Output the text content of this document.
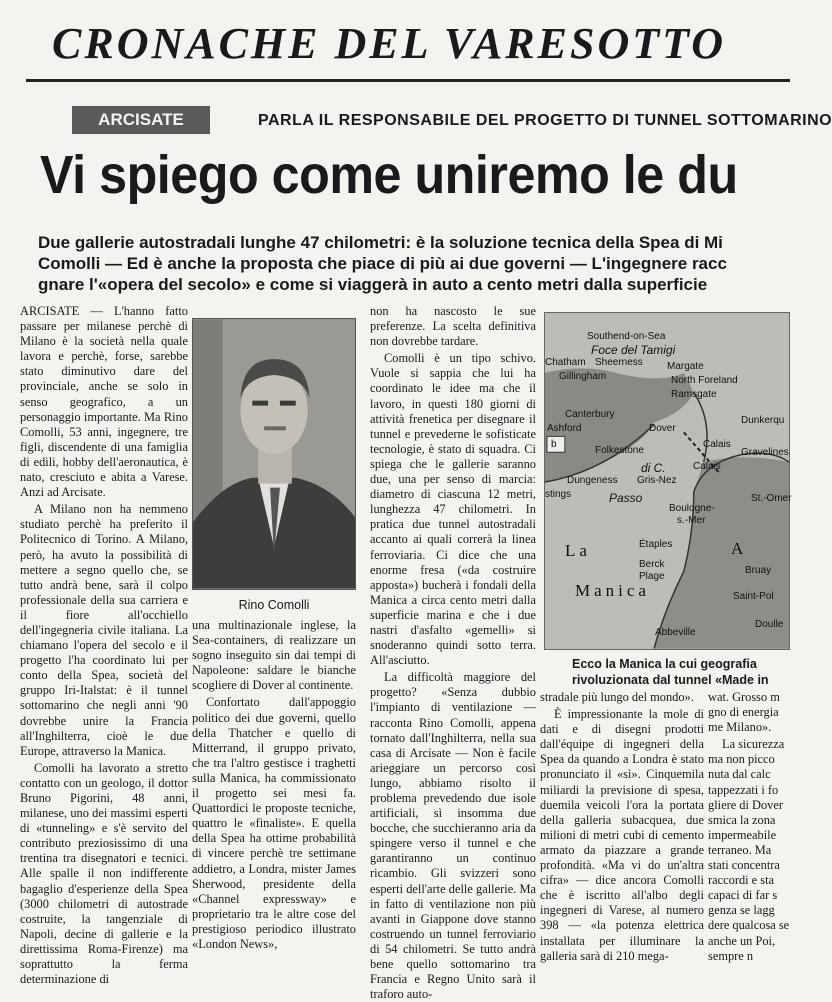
CRONACHE DEL VARESOTTO
ARCISATE	PARLA IL RESPONSABILE DEL PROGETTO DI TUNNEL SOTTOMARINO
Vi spiego come uniremo le du
Due gallerie autostradali lunghe 47 chilometri: è la soluzione tecnica della Spea di Mi
Comolli — Ed è anche la proposta che piace di più ai due governi — L'ingegnere racc
gnare l'«opera del secolo» e come si viaggerà in auto a cento metri dalla superficie

ARCISATE — L'hanno fatto passare per milanese perchè di Milano è la società nella quale lavora e perchè, forse, sarebbe stato diminutivo dare del provinciale, anche se solo in senso geografico, a un personaggio importante. Ma Rino Comolli, 53 anni, ingegnere, tre figli, discendente di una famiglia di edili, hobby dell'aeronautica, è nato, cresciuto e abita a Varese. Anzi ad Arcisate.

A Milano non ha nemmeno studiato perchè ha preferito il Politecnico di Torino. A Milano, però, ha avuto la possibilità di mettere a segno quello che, se tutto andrà bene, sarà il colpo professionale della sua carriera e il fiore all'occhiello dell'ingegneria civile italiana. La chiamano l'opera del secolo e il progetto l'ha coordinato lui per conto della Spea, società del gruppo Iri-Italstat: è il tunnel sottomarino che negli anni '90 dovrebbe unire la Francia all'Inghilterra, cioè le due Europe, attraverso la Manica.

Comolli ha lavorato a stretto contatto con un geologo, il dottor Bruno Pigorini, 48 anni, milanese, uno dei massimi esperti di «tunneling» e s'è servito del contributo preziosissimo di una trentina tra disegnatori e tecnici. Alle spalle il non indifferente bagaglio d'esperienze della Spea (3000 chilometri di autostrade costruite, la tangenziale di Napoli, decine di gallerie e la direttissima Roma-Firenze) ma soprattutto la ferma determinazione di

Rino Comolli

una multinazionale inglese, la Sea-containers, di realizzare un sogno inseguito sin dai tempi di Napoleone: saldare le bianche scogliere di Dover al continente.

Confortato dall'appoggio politico dei due governi, quello della Thatcher e quello di Mitterrand, il gruppo privato, che tra l'altro gestisce i traghetti sulla Manica, ha commissionato il progetto sei mesi fa. Quattordici le proposte tecniche, quattro le «finaliste». E quella della Spea ha ottime probabilità di vincere perchè tre settimane addietro, a Londra, mister James Sherwood, presidente della «Channel expressway» e proprietario tra le altre cose del prestigioso periodico illustrato «London News»,

non ha nascosto le sue preferenze. La scelta definitiva non dovrebbe tardare.

Comolli è un tipo schivo. Vuole si sappia che lui ha coordinato le idee ma che il lavoro, in questi 180 giorni di attività frenetica per disegnare il tunnel e prevederne le sofisticate tecnologie, è stato di squadra. Ci spiega che le gallerie saranno due, una per senso di marcia: diametro di ciascuna 12 metri, lunghezza 47 chilometri. In pratica due tunnel autostradali accanto ai quali correrà la linea ferroviaria. Ci dice che una enorme fresa («da costruire apposta») bucherà i fondali della Manica a circa cento metri dalla superficie marina e che i due nastri d'asfalto «gemelli» si snoderanno quindi sotto terra. All'asciutto.

La difficoltà maggiore del progetto? «Senza dubbio l'impianto di ventilazione — racconta Rino Comolli, appena tornato dall'Inghilterra, nella sua casa di Arcisate — Non è facile arieggiare un percorso così lungo, abbiamo risolto il problema prevedendo due isole artificiali, sì insomma due bocche, che succhieranno aria da spingere verso il tunnel e che garantiranno un continuo ricambio. Gli svizzeri sono esperti dell'arte delle gallerie. Ma in fatto di ventilazione non più avanti in Giappone dove stanno costruendo un tunnel ferroviario di 54 chilometri. Se tutto andrà bene quello sottomarino tra Francia e Regno Unito sarà il traforo auto-

Southend-on-Sea
Foce del Tamigi
Chatham Sheerness
Gillingham
Margate
North Foreland
Ramsgate
Canterbury
Ashford	Dover
b
Folkestone
Calais
Dunkerqu
Gravelines
Calais
di C.
Dungeness Gris-Nez
Passo
stings	St.-Omer
Boulogne-
s.-Mer
La
Manica
A
Étaples
Berck
Plage
Bruay
Saint-Pol
Doulle
Abbeville
Ecco la Manica la cui geografia
rivoluzionata dal tunnel «Made in

stradale più lungo del mondo».

È impressionante la mole di dati e di disegni prodotti dall'équipe di ingegneri della Spea da quando a Londra è stato pronunciato il «sì». Cinquemila miliardi la previsione di spesa, duemila veicoli l'ora la portata della galleria subacquea, due milioni di metri cubi di cemento armato da piazzare a grande profondità. «Ma vi do un'altra cifra» — dice ancora Comolli che è iscritto all'albo degli ingegneri di Varese, al numero 398 — «la potenza elettrica installata per illuminare la galleria sarà di 210 mega-

wat. Grosso m gno di energia me Milano».

La sicurezza ma non picco nuta dal calc tappezzati i fo gliere di Dover smica la zona impermeabile terraneo. Ma stati concentra raccordi e sta capaci di far s genza se lagg dere qualcosa se anche un Poi, sempre n
